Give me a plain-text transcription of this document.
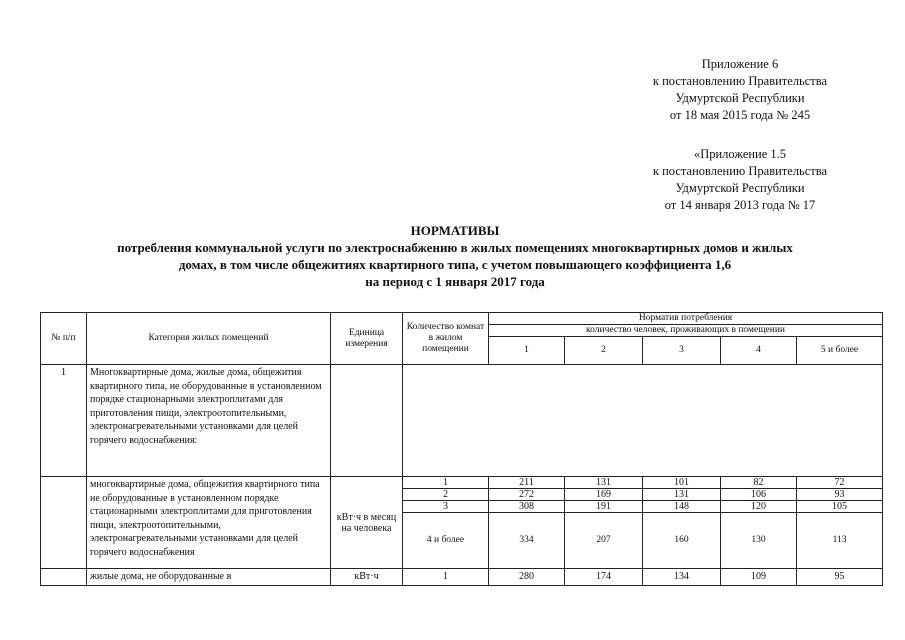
Приложение 6
к постановлению Правительства
Удмуртской Республики
от 18 мая 2015 года № 245
«Приложение 1.5
к постановлению Правительства
Удмуртской Республики
от 14 января 2013 года № 17
НОРМАТИВЫ
потребления коммунальной услуги по электроснабжению в жилых помещениях многоквартирных домов и жилых
домах, в том числе общежитиях квартирного типа, с учетом повышающего коэффициента 1,6
на период с 1 января 2017 года
№ п/п	Категория жилых помещений	Единица измерения	Количество комнат в жилом помещении	Норматив потребления				
				количество человек, проживающих в помещении				
				1	2	3	4	5 и более
1	Многоквартирные дома, жилые дома, общежития квартирного типа, не оборудованные в установленном порядке стационарными электроплитами для приготовления пищи, электроотопительными, электронагревательными установками для целей горячего водоснабжения:							
	многоквартирные дома, общежития квартирного типа не оборудованные в установленном порядке стационарными электроплитами для приготовления пищи, электроотопительными, электронагревательными установками для целей горячего водоснабжения	кВт·ч в месяц на человека	1	211	131	101	82	72
			2	272	169	131	106	93
			3	308	191	148	120	105
			4 и более	334	207	160	130	113
	жилые дома, не оборудованные в	кВт·ч	1	280	174	134	109	95
